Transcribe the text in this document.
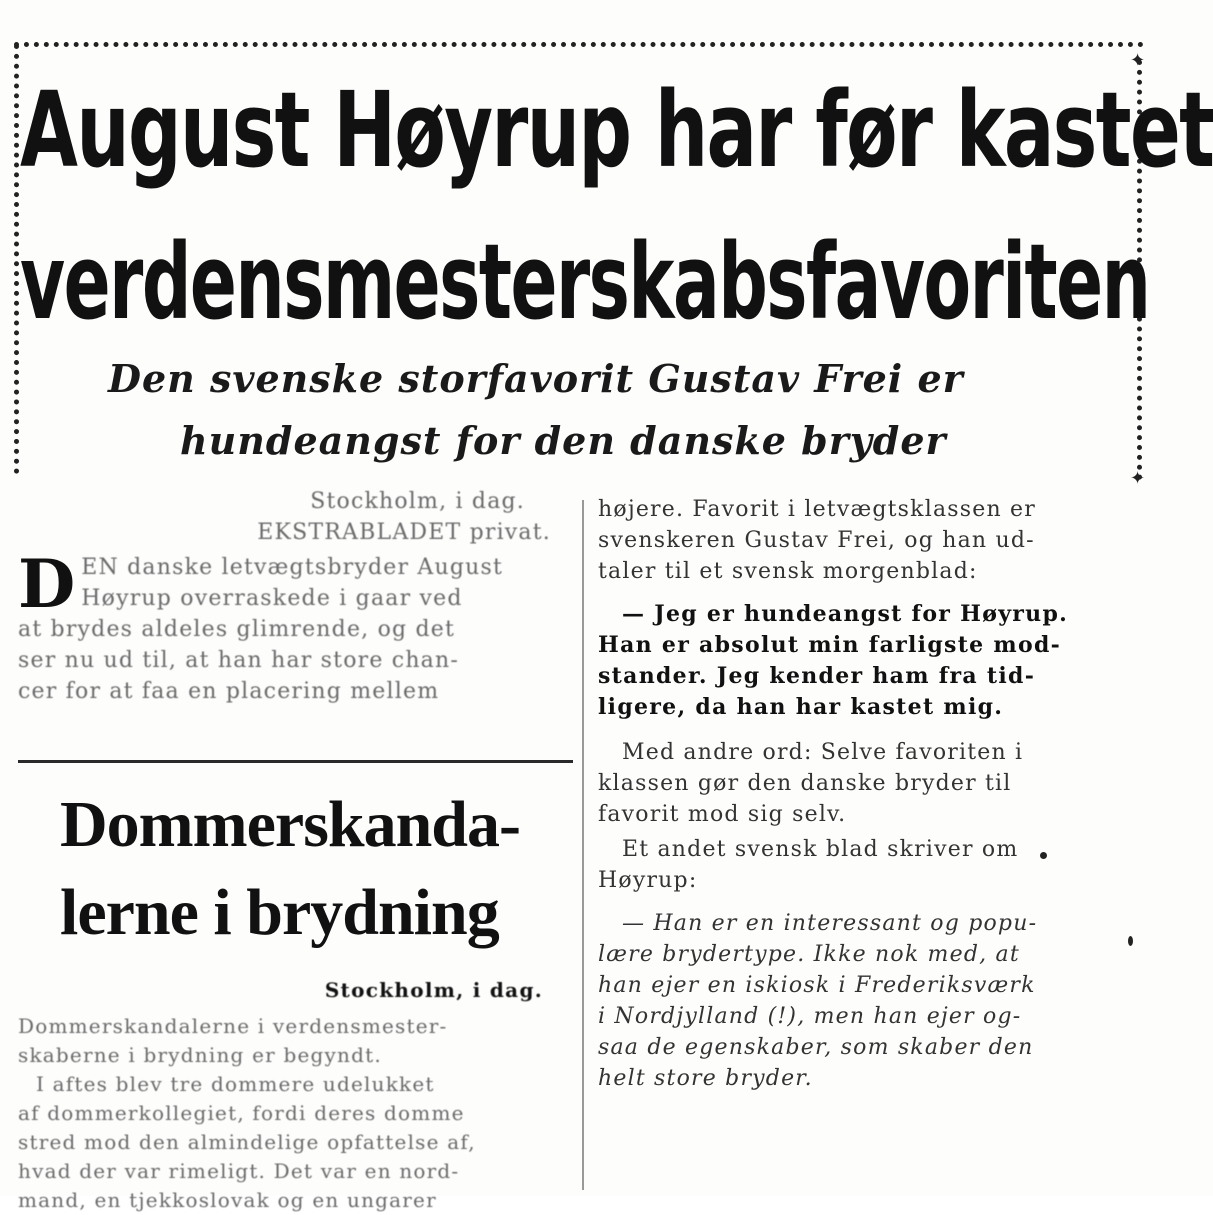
✦
✦
August Høyrup har før kastet
verdensmesterskabsfavoriten
Den svenske storfavorit Gustav Frei er
hundeangst for den danske bryder
Stockholm, i dag.
EKSTRABLADET privat.
D EN danske letvægtsbryder August
Høyrup overraskede i gaar ved
at brydes aldeles glimrende, og det
ser nu ud til, at han har store chan-
cer for at faa en placering mellem
Dommerskanda-
lerne i brydning
Stockholm, i dag.
Dommerskandalerne i verdensmester-
skaberne i brydning er begyndt.
I aftes blev tre dommere udelukket
af dommerkollegiet, fordi deres domme
stred mod den almindelige opfattelse af,
hvad der var rimeligt. Det var en nord-
mand, en tjekkoslovak og en ungarer
højere. Favorit i letvægtsklassen er
svenskeren Gustav Frei, og han ud-
taler til et svensk morgenblad:
— Jeg er hundeangst for Høyrup.
Han er absolut min farligste mod-
stander. Jeg kender ham fra tid-
ligere, da han har kastet mig.
Med andre ord: Selve favoriten i
klassen gør den danske bryder til
favorit mod sig selv.
Et andet svensk blad skriver om
Høyrup:
— Han er en interessant og popu-
lære brydertype. Ikke nok med, at
han ejer en iskiosk i Frederiksværk
i Nordjylland (!), men han ejer og-
saa de egenskaber, som skaber den
helt store bryder.
